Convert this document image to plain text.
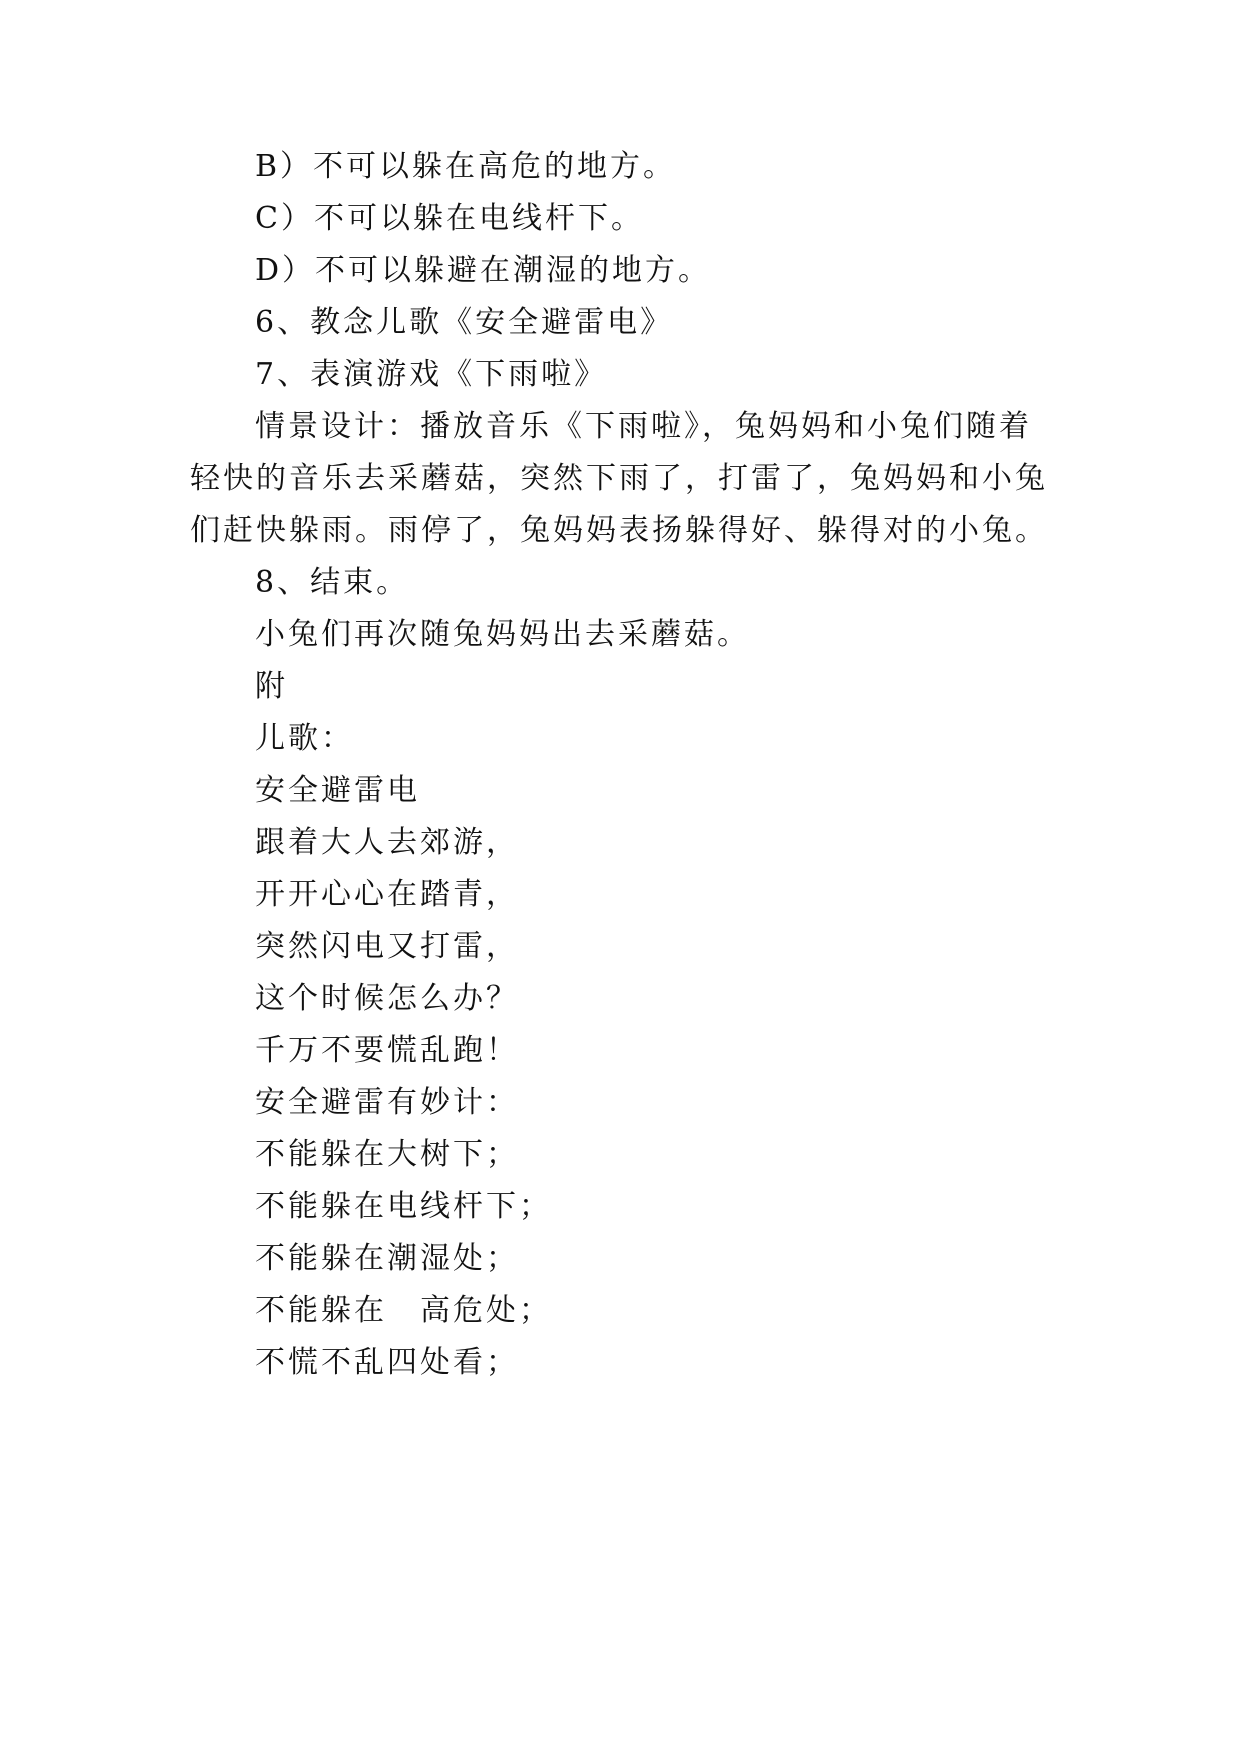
B）不可以躲在高危的地方。
C）不可以躲在电线杆下。
D）不可以躲避在潮湿的地方。
6、教念儿歌《安全避雷电》
7、表演游戏《下雨啦》
情景设计：播放音乐《下雨啦》，兔妈妈和小兔们随着
轻快的音乐去采蘑菇，突然下雨了，打雷了，兔妈妈和小兔
们赶快躲雨。雨停了，兔妈妈表扬躲得好、躲得对的小兔。
8、结束。
小兔们再次随兔妈妈出去采蘑菇。
附
儿歌：
安全避雷电
跟着大人去郊游，
开开心心在踏青，
突然闪电又打雷，
这个时候怎么办？
千万不要慌乱跑！
安全避雷有妙计：
不能躲在大树下；
不能躲在电线杆下；
不能躲在潮湿处；
不能躲在　高危处；
不慌不乱四处看；
